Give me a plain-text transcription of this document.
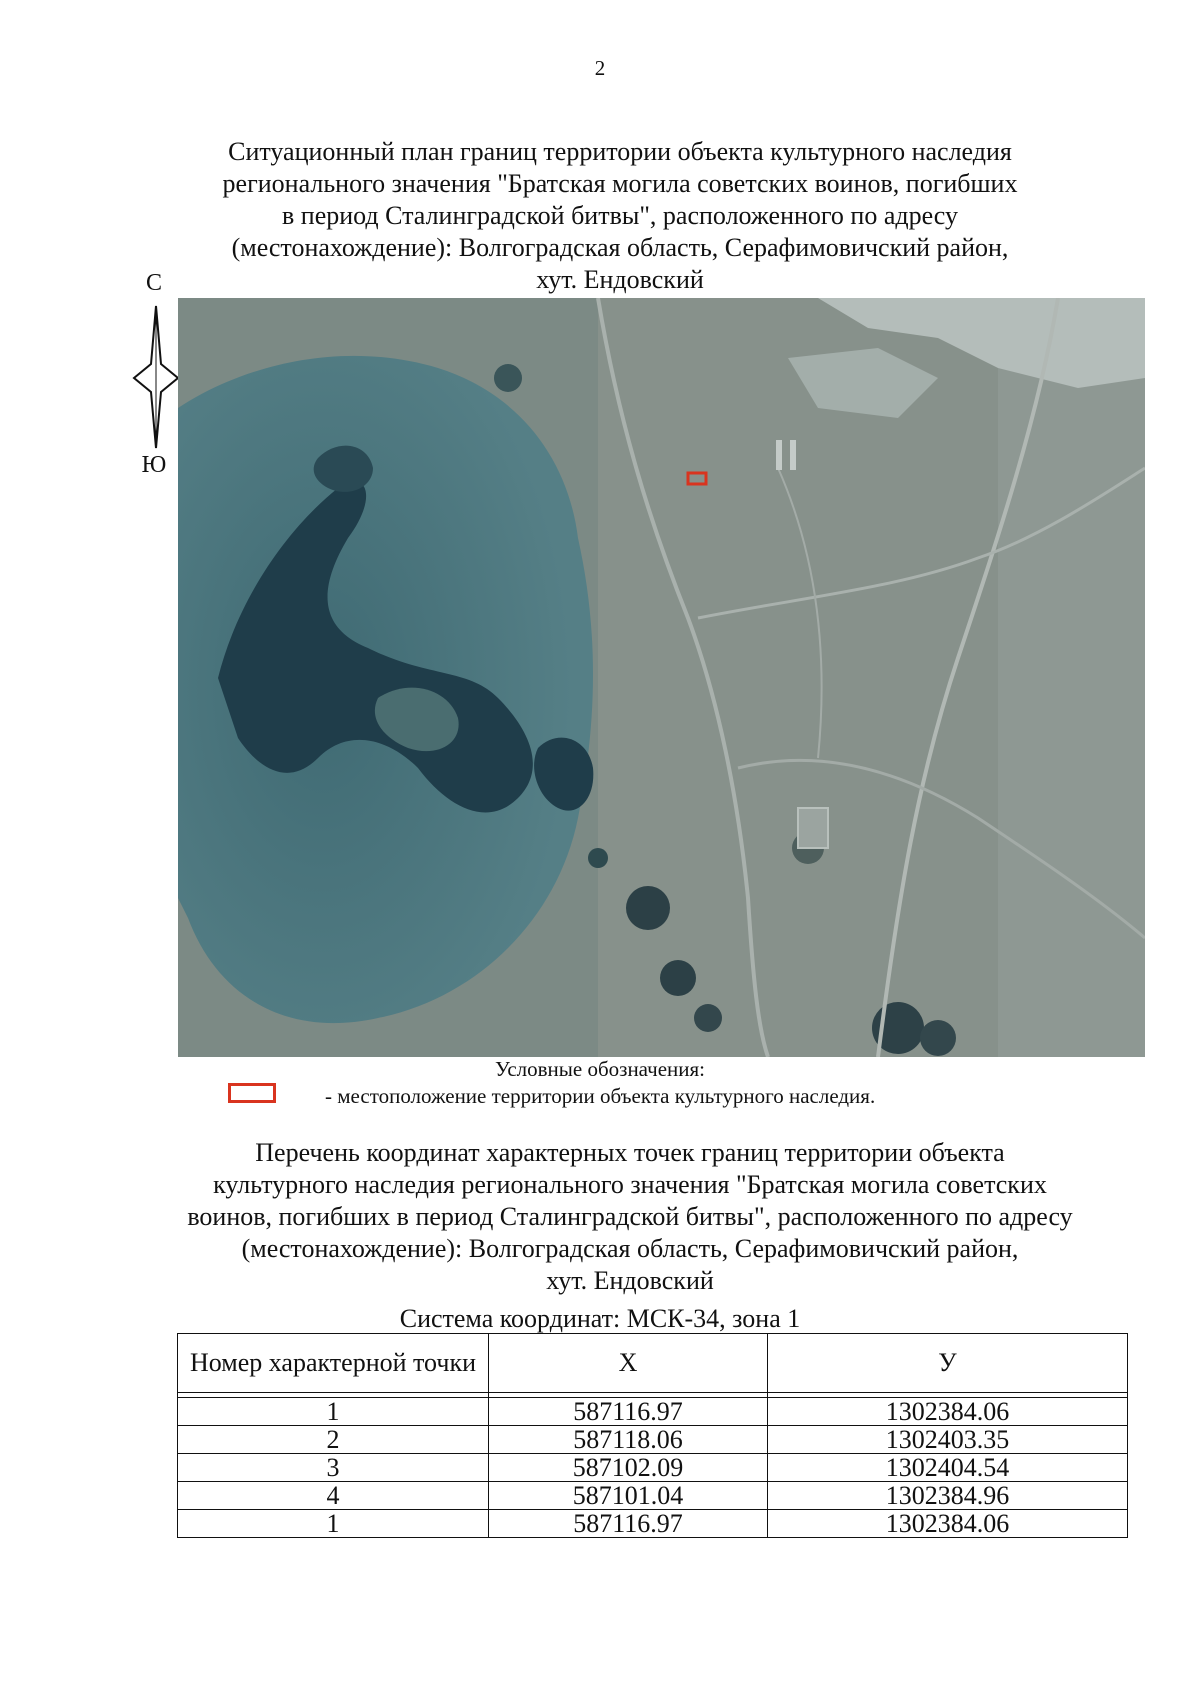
2
Ситуационный план границ территории объекта культурного наследия
регионального значения "Братская могила советских воинов, погибших
в период Сталинградской битвы", расположенного по адресу
(местонахождение): Волгоградская область, Серафимовичский район,
хут. Ендовский
С
Ю
Условные обозначения:
- местоположение территории объекта культурного наследия.
Перечень координат характерных точек границ территории объекта
культурного наследия регионального значения "Братская могила советских
воинов, погибших в период Сталинградской битвы", расположенного по адресу
(местонахождение): Волгоградская область, Серафимовичский район,
хут. Ендовский
Система координат: МСК-34, зона 1
Номер характерной точки	X	У

1	587116.97	1302384.06
2	587118.06	1302403.35
3	587102.09	1302404.54
4	587101.04	1302384.96
1	587116.97	1302384.06
